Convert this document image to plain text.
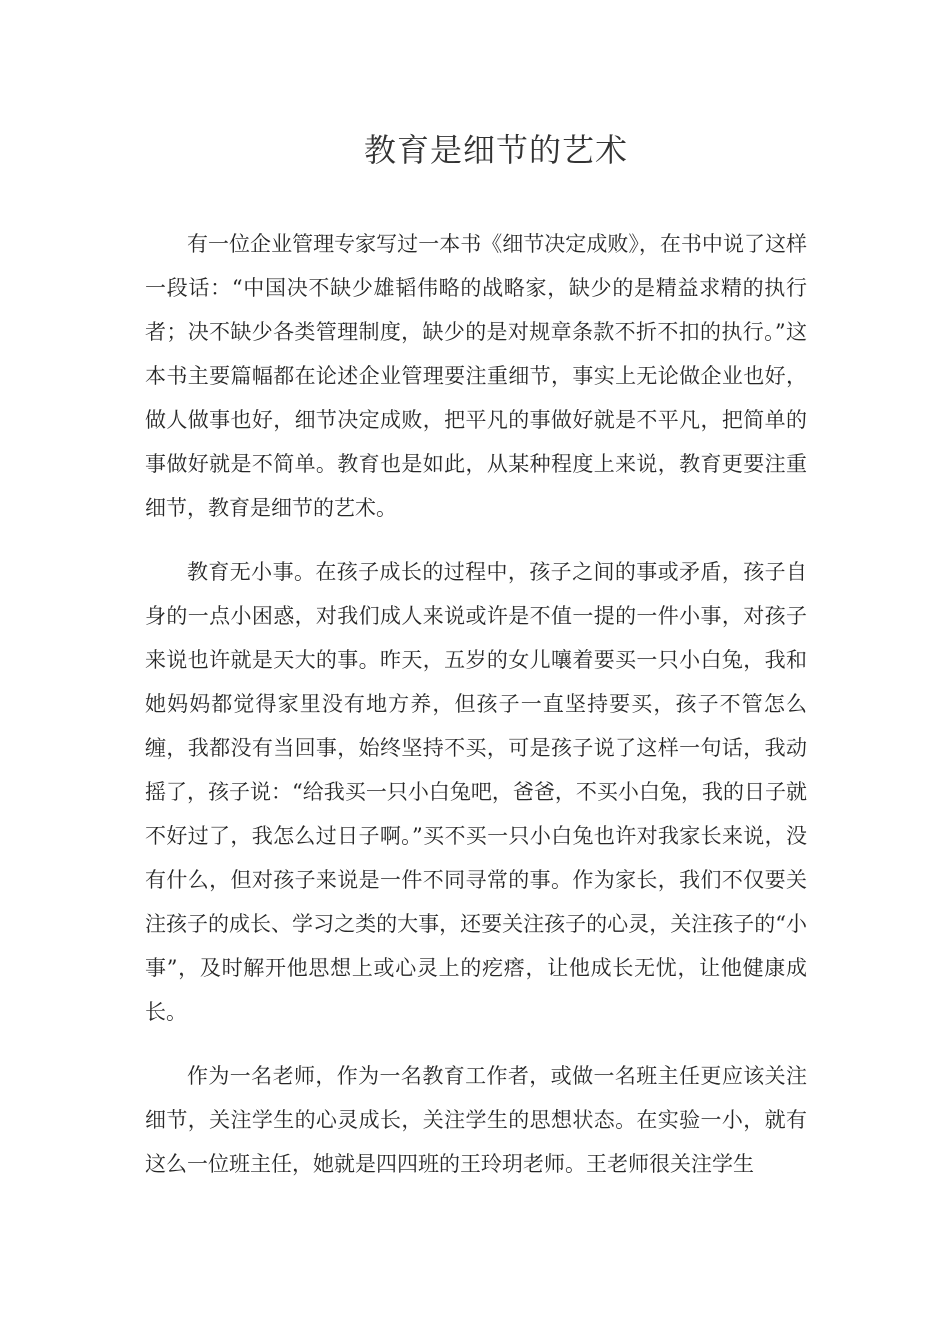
教育是细节的艺术

有一位企业管理专家写过一本书《细节决定成败》，在书中说了这样一段话：“中国决不缺少雄韬伟略的战略家，缺少的是精益求精的执行者；决不缺少各类管理制度，缺少的是对规章条款不折不扣的执行。”这本书主要篇幅都在论述企业管理要注重细节，事实上无论做企业也好，做人做事也好，细节决定成败，把平凡的事做好就是不平凡，把简单的事做好就是不简单。教育也是如此，从某种程度上来说，教育更要注重细节，教育是细节的艺术。

教育无小事。在孩子成长的过程中，孩子之间的事或矛盾，孩子自身的一点小困惑，对我们成人来说或许是不值一提的一件小事，对孩子来说也许就是天大的事。昨天，五岁的女儿嚷着要买一只小白兔，我和她妈妈都觉得家里没有地方养，但孩子一直坚持要买，孩子不管怎么缠，我都没有当回事，始终坚持不买，可是孩子说了这样一句话，我动摇了，孩子说：“给我买一只小白兔吧，爸爸，不买小白兔，我的日子就不好过了，我怎么过日子啊。”买不买一只小白兔也许对我家长来说，没有什么，但对孩子来说是一件不同寻常的事。作为家长，我们不仅要关注孩子的成长、学习之类的大事，还要关注孩子的心灵，关注孩子的“小事”，及时解开他思想上或心灵上的疙瘩，让他成长无忧，让他健康成长。

作为一名老师，作为一名教育工作者，或做一名班主任更应该关注细节，关注学生的心灵成长，关注学生的思想状态。在实验一小，就有这么一位班主任，她就是四四班的王玲玥老师。王老师很关注学生
